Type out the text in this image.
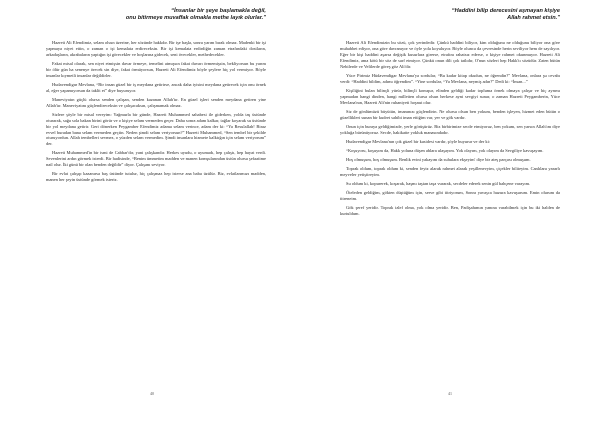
“İnsanlar bir şeye başlamakla değil,
onu bitirmeye muvaffak olmakla methe layık olurlar.”

Hazreti Ali Efendimiz, selam olsun üzerine, her sözünde hakkdır. Bir işe başla, sonra yarım bırak olmaz. Madenki bir işi yapmaya niyet ettin, o zaman o işi kemalata erdireceksin. Bir işi kemalata erdirdiğin zaman etrafındaki dostların, arkadaşların, akrabaların yaptığın işi görecekler ve hoşlarına gidecek, seni övecekler, methedecekler.

Fakat misal olarak, sen niyet etmişsin davar örmeye, temelini atmışsın fakat duvarı örmemişsin, bekliyorsun bu yarım bir ölür gün ha senenye örecek sin diye, fakat örmüyorsun, Hazreti Ali Efendimiz böyle şeylere hiç yol vermiyor. Böyle insanlar kıymetli insanlar değildirler.

Hudavendigar Mevlana, “Bir insan güzel bir iş meydana getirirse, ancak daha iyisini meydana getirecek için onu örnek al, eğer yapamıyorsan da taklit et” diye buyuruyor.

Maneviyatın güçlü olursa senden çalışan, senden kazanan Allah'tır. En güzel işleri senden meydana getiren yine Allah'tır. Maneviyatını güçlendireceksin ve çalışacaksın, çalışmamak olmaz.

Sizlere şöyle bir misal vereyim: Yağmurla bir günde, Hazreti Muhammed sahabesi ile giderken, yolda taş üstünde oturarak, sağa sola bakan birini görür ve o kişiye selam vermeden geçer. Daha sonra adam kalkar, tağlar koyarak su üstünde bir yol meydana getirir. Geri dönerken Peygamber Efendimiz adama selam verince, adam der ki: “Ya Resulallah! Biraz evvel buradan bana selam vermeden geçtin. Neden şimdi selam veriyorsun?” Hazreti Muhammed, “Sen tembel bir şekilde oturuyordun. Allah tembelleri sevmez, o yüzden selam vermedim. Şimdi insanlara hizmete kalktığın için selam veriyorum” der.

Hazreti Muhammed'in bir ismi de Cabbar'dır, yani çalışkandır. Herkes uyudu, o uyumadı, hep çalıştı, hep hayat verdi. Sevenlerini ardın görmek isterdi. Bir hadisinde, “Benim ümmetim madden ve manen komşularından üstün olursa şefaatime nail olur. İki günü bir olan benden değildir” diyor. Çalışanı seviyor.

Bir evlat çalışıp kazanırsa baş üstünde tutulur, hiç çalışmaz hep isterse ana baba üzülür. Biz, evlatlarımızı madden, manen her şeyin üstünde görmek isteriz.

40
“Haddini bilip derecesini aşmayan kişiye
Allah rahmet etsin.”

Hazreti Ali Efendimizin bu sözü, çok yerindedir. Çünkü haddini biliyor, kim olduğunu ne olduğunu biliyor ona göre muhabbet ediyor, ona göre davranıyor ve öyle yola koyuluyor. Böyle olunca da çevresinde herin seviliyor hem de sayılıyor. Eğer bir kişi haddini aşarsa değişik kusurlara girerse, etrafını rahatsız ederse, o kişiye rahmet okunmuyor. Hazreti Ali Efendimiz, ama kötü bir söz de sarf etmiyor. Çünkü onun dili çok tatlıdır, O'nun sözleri hep Hakk'tı sözüdür. Zaten bütün Nebilerde ve Velilerde göreş göz Ali'dir.

Yüce Pirimiz Hüdavendigar Mevlana'ya sordular, “Bu kadar kitap okudun, ne öğrendin?” Mevlana, onlara şu cevabı verdi: “Haddini bildim, adımı öğrendim”. “Yine sordular, “Ya Mevlana, neymiş adın?” Dedi ki: “İnsan...”

Kişiliğini bulan bilinçli yürür, bilinçli konuşur, elinden geldiği kadar topluma örnek olmaya çalışır ve hiç ayrımı yapmadan hangi dinden, hangi milletten olursa olsun herkese ayni sevgiyi sunar, o zaman Hazreti Peygamberin, Yüce Mevlana'nın, Hazreti Ali'nin ruhaniyeti hoşnut olur.

Siz de gönlümüzü büyütün, imanınızı güçlendirin. Ne olursa olsun ben yokum, benden işleyen, hizmet eden bütün o güzellikleri sunan bir kudret sahibi iman ettiğim var, yer ve gök vardır.

Onun için buraya geldiğimizde, yerle görüşürüz. Biz birbirimize secde etmiyoruz, ben yokum, sen yarsın Allah'ım diye yokluğa bürünüyoruz. Secde, hakikatte yokluk manasındadır.

Hudavendigar Mevlana'nın çok güzel bir kasidesi vardır, şöyle buyurur ve der ki:

“Koşuyoru, koşuyım da, Hakk yoluna düşen ablara ulaşayım. Yok olayım, yok olayım da Sevgiliye kavuşayım.

Hoş olmuşum, hoş olmuşum. Benlik evini yakayım da suhulara ekşeyim' diye bir ateş parçası olmuşum.

Toprak oldum, toprak oldum ki, senden feyiz alarak rahmet alarak yeşillenevyim, çiçekler biliteyim. Canlılara yararlı meyveler yetiştireyim.

Su oldum ki, kopurerek, koşarak, haşmı taştan taşa vurarak, secdeler ederek senin gül bahçene varayım.

Öteleden geldiğim, gökten düştüğüm için, serve gibi titriyorum, Sonra yavaşca huzura kavuşurum. Emin olurum da titreneim.

Gök şeref yeridir. Toprak izlef olma, yok olma yeridir. Ben, Padişahımın yanına varabilmek için bu iki halden de kurtuldum.

41
